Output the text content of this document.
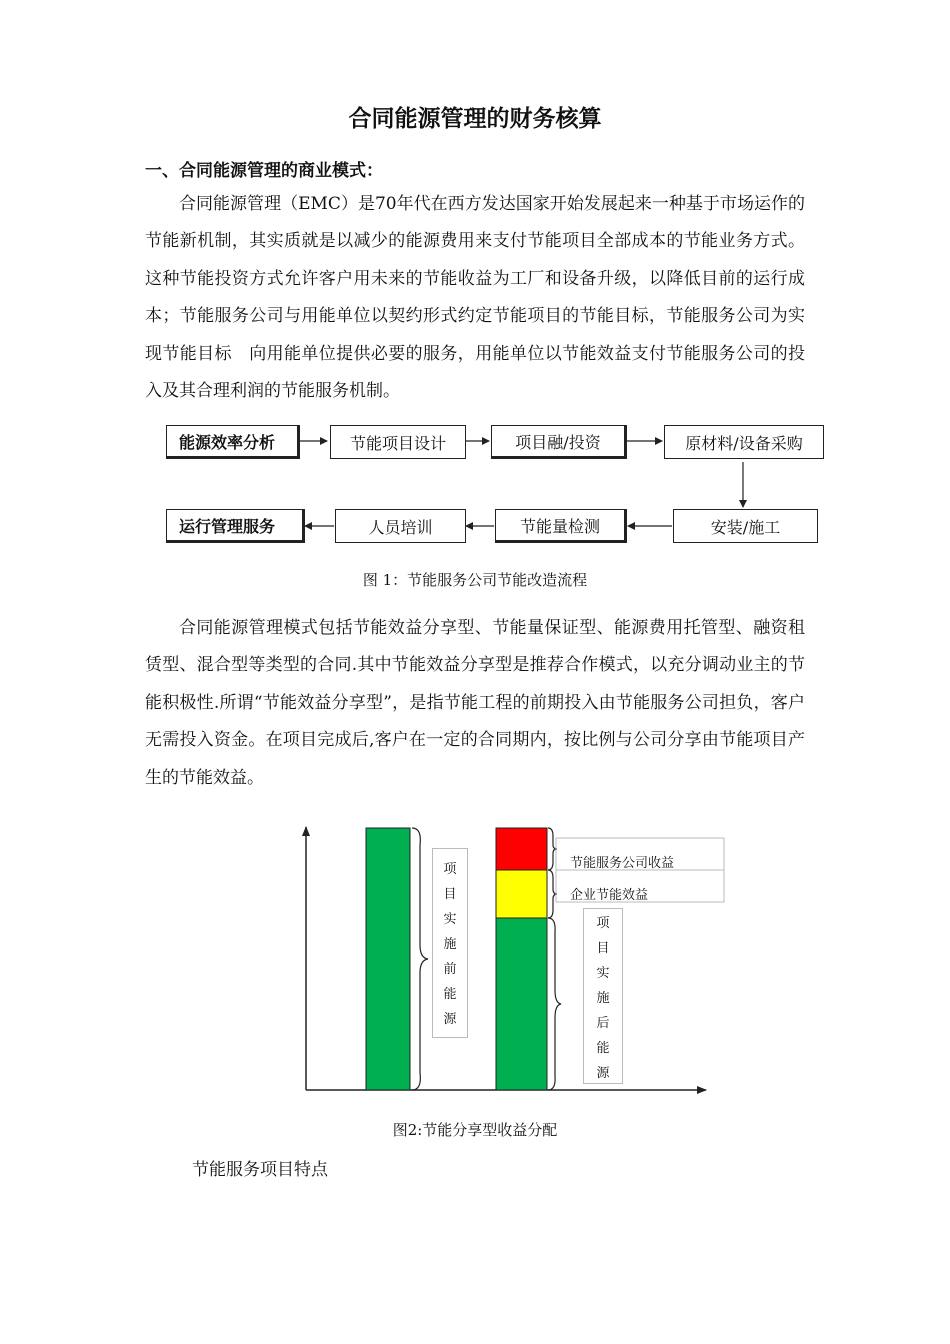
合同能源管理的财务核算
一、合同能源管理的商业模式：
合同能源管理（EMC）是70年代在西方发达国家开始发展起来一种基于市场运作的节能新机制，其实质就是以减少的能源费用来支付节能项目全部成本的节能业务方式。这种节能投资方式允许客户用未来的节能收益为工厂和设备升级，以降低目前的运行成本；节能服务公司与用能单位以契约形式约定节能项目的节能目标，节能服务公司为实现节能目标　向用能单位提供必要的服务，用能单位以节能效益支付节能服务公司的投入及其合理利润的节能服务机制。
能源效率分析	节能项目设计	项目融/投资	原材料/设备采购
安装/施工
节能量检测
人员培训
运行管理服务
图 1：节能服务公司节能改造流程
合同能源管理模式包括节能效益分享型、节能量保证型、能源费用托管型、融资租赁型、混合型等类型的合同.其中节能效益分享型是推荐合作模式，以充分调动业主的节能积极性.所谓“节能效益分享型”，是指节能工程的前期投入由节能服务公司担负，客户无需投入资金。在项目完成后,客户在一定的合同期内，按比例与公司分享由节能项目产生的节能效益。
项目实施前能源
节能服务公司收益
企业节能效益
项目实施后能源
图2:节能分享型收益分配
节能服务项目特点
